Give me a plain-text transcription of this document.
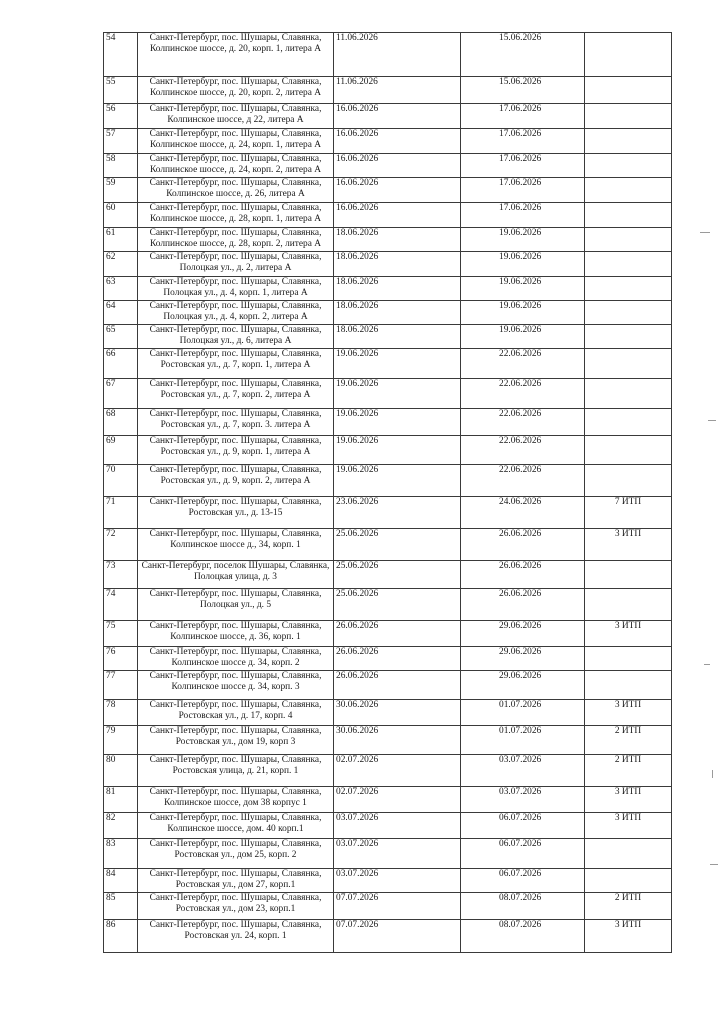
54	Санкт-Петербург, пос. Шушары, Славянка,
Колпинское шоссе, д. 20, корп. 1, литера А	11.06.2026	15.06.2026	
55	Санкт-Петербург, пос. Шушары, Славянка,
Колпинское шоссе, д. 20, корп. 2, литера А	11.06.2026	15.06.2026	
56	Санкт-Петербург, пос. Шушары, Славянка,
Колпинское шоссе, д 22, литера А	16.06.2026	17.06.2026	
57	Санкт-Петербург, пос. Шушары, Славянка,
Колпинское шоссе, д. 24, корп. 1, литера А	16.06.2026	17.06.2026	
58	Санкт-Петербург, пос. Шушары, Славянка,
Колпинское шоссе, д. 24, корп. 2, литера А	16.06.2026	17.06.2026	
59	Санкт-Петербург, пос. Шушары, Славянка,
Колпинское шоссе, д. 26, литера А	16.06.2026	17.06.2026	
60	Санкт-Петербург, пос. Шушары, Славянка,
Колпинское шоссе, д. 28, корп. 1, литера А	16.06.2026	17.06.2026	
61	Санкт-Петербург, пос. Шушары, Славянка,
Колпинское шоссе, д. 28, корп. 2, литера А	18.06.2026	19.06.2026	
62	Санкт-Петербург, пос. Шушары, Славянка,
Полоцкая ул., д. 2, литера А	18.06.2026	19.06.2026	
63	Санкт-Петербург, пос. Шушары, Славянка,
Полоцкая ул., д. 4, корп. 1, литера А	18.06.2026	19.06.2026	
64	Санкт-Петербург, пос. Шушары, Славянка,
Полоцкая ул., д. 4, корп. 2, литера А	18.06.2026	19.06.2026	
65	Санкт-Петербург, пос. Шушары, Славянка,
Полоцкая ул., д. 6, литера А	18.06.2026	19.06.2026	
66	Санкт-Петербург, пос. Шушары, Славянка,
Ростовская ул., д. 7, корп. 1, литера А	19.06.2026	22.06.2026	
67	Санкт-Петербург, пос. Шушары, Славянка,
Ростовская ул., д. 7, корп. 2, литера А	19.06.2026	22.06.2026	
68	Санкт-Петербург, пос. Шушары, Славянка,
Ростовская ул., д. 7, корп. 3. литера А	19.06.2026	22.06.2026	
69	Санкт-Петербург, пос. Шушары, Славянка,
Ростовская ул., д. 9, корп. 1, литера А	19.06.2026	22.06.2026	
70	Санкт-Петербург, пос. Шушары, Славянка,
Ростовская ул., д. 9, корп. 2, литера А	19.06.2026	22.06.2026	
71	Санкт-Петербург, пос. Шушары, Славянка,
Ростовская ул., д. 13-15	23.06.2026	24.06.2026	7 ИТП
72	Санкт-Петербург, пос. Шушары, Славянка,
Колпинское шоссе д., 34, корп. 1	25.06.2026	26.06.2026	3 ИТП
73	Санкт-Петербург, поселок Шушары, Славянка,
Полоцкая улица, д. 3	25.06.2026	26.06.2026	
74	Санкт-Петербург, пос. Шушары, Славянка,
Полоцкая ул., д. 5	25.06.2026	26.06.2026	
75	Санкт-Петербург, пос. Шушары, Славянка,
Колпинское шоссе, д. 36, корп. 1	26.06.2026	29.06.2026	3 ИТП
76	Санкт-Петербург, пос. Шушары, Славянка,
Колпинское шоссе д. 34, корп. 2	26.06.2026	29.06.2026	
77	Санкт-Петербург, пос. Шушары, Славянка,
Колпинское шоссе д. 34, корп. 3	26.06.2026	29.06.2026	
78	Санкт-Петербург, пос. Шушары, Славянка,
Ростовская ул., д. 17, корп. 4	30.06.2026	01.07.2026	3 ИТП
79	Санкт-Петербург, пос. Шушары, Славянка,
Ростовская ул., дом 19, корп 3	30.06.2026	01.07.2026	2 ИТП
80	Санкт-Петербург, пос. Шушары, Славянка,
Ростовская улица, д. 21, корп. 1	02.07.2026	03.07.2026	2 ИТП
81	Санкт-Петербург, пос. Шушары, Славянка,
Колпинское шоссе, дом 38 корпус 1	02.07.2026	03.07.2026	3 ИТП
82	Санкт-Петербург, пос. Шушары, Славянка,
Колпинское шоссе, дом. 40 корп.1	03.07.2026	06.07.2026	3 ИТП
83	Санкт-Петербург, пос. Шушары, Славянка,
Ростовская ул., дом 25, корп. 2	03.07.2026	06.07.2026	
84	Санкт-Петербург, пос. Шушары, Славянка,
Ростовская ул., дом 27, корп.1	03.07.2026	06.07.2026	
85	Санкт-Петербург, пос. Шушары, Славянка,
Ростовская ул., дом 23, корп.1	07.07.2026	08.07.2026	2 ИТП
86	Санкт-Петербург, пос. Шушары, Славянка,
Ростовская ул. 24, корп. 1	07.07.2026	08.07.2026	3 ИТП
